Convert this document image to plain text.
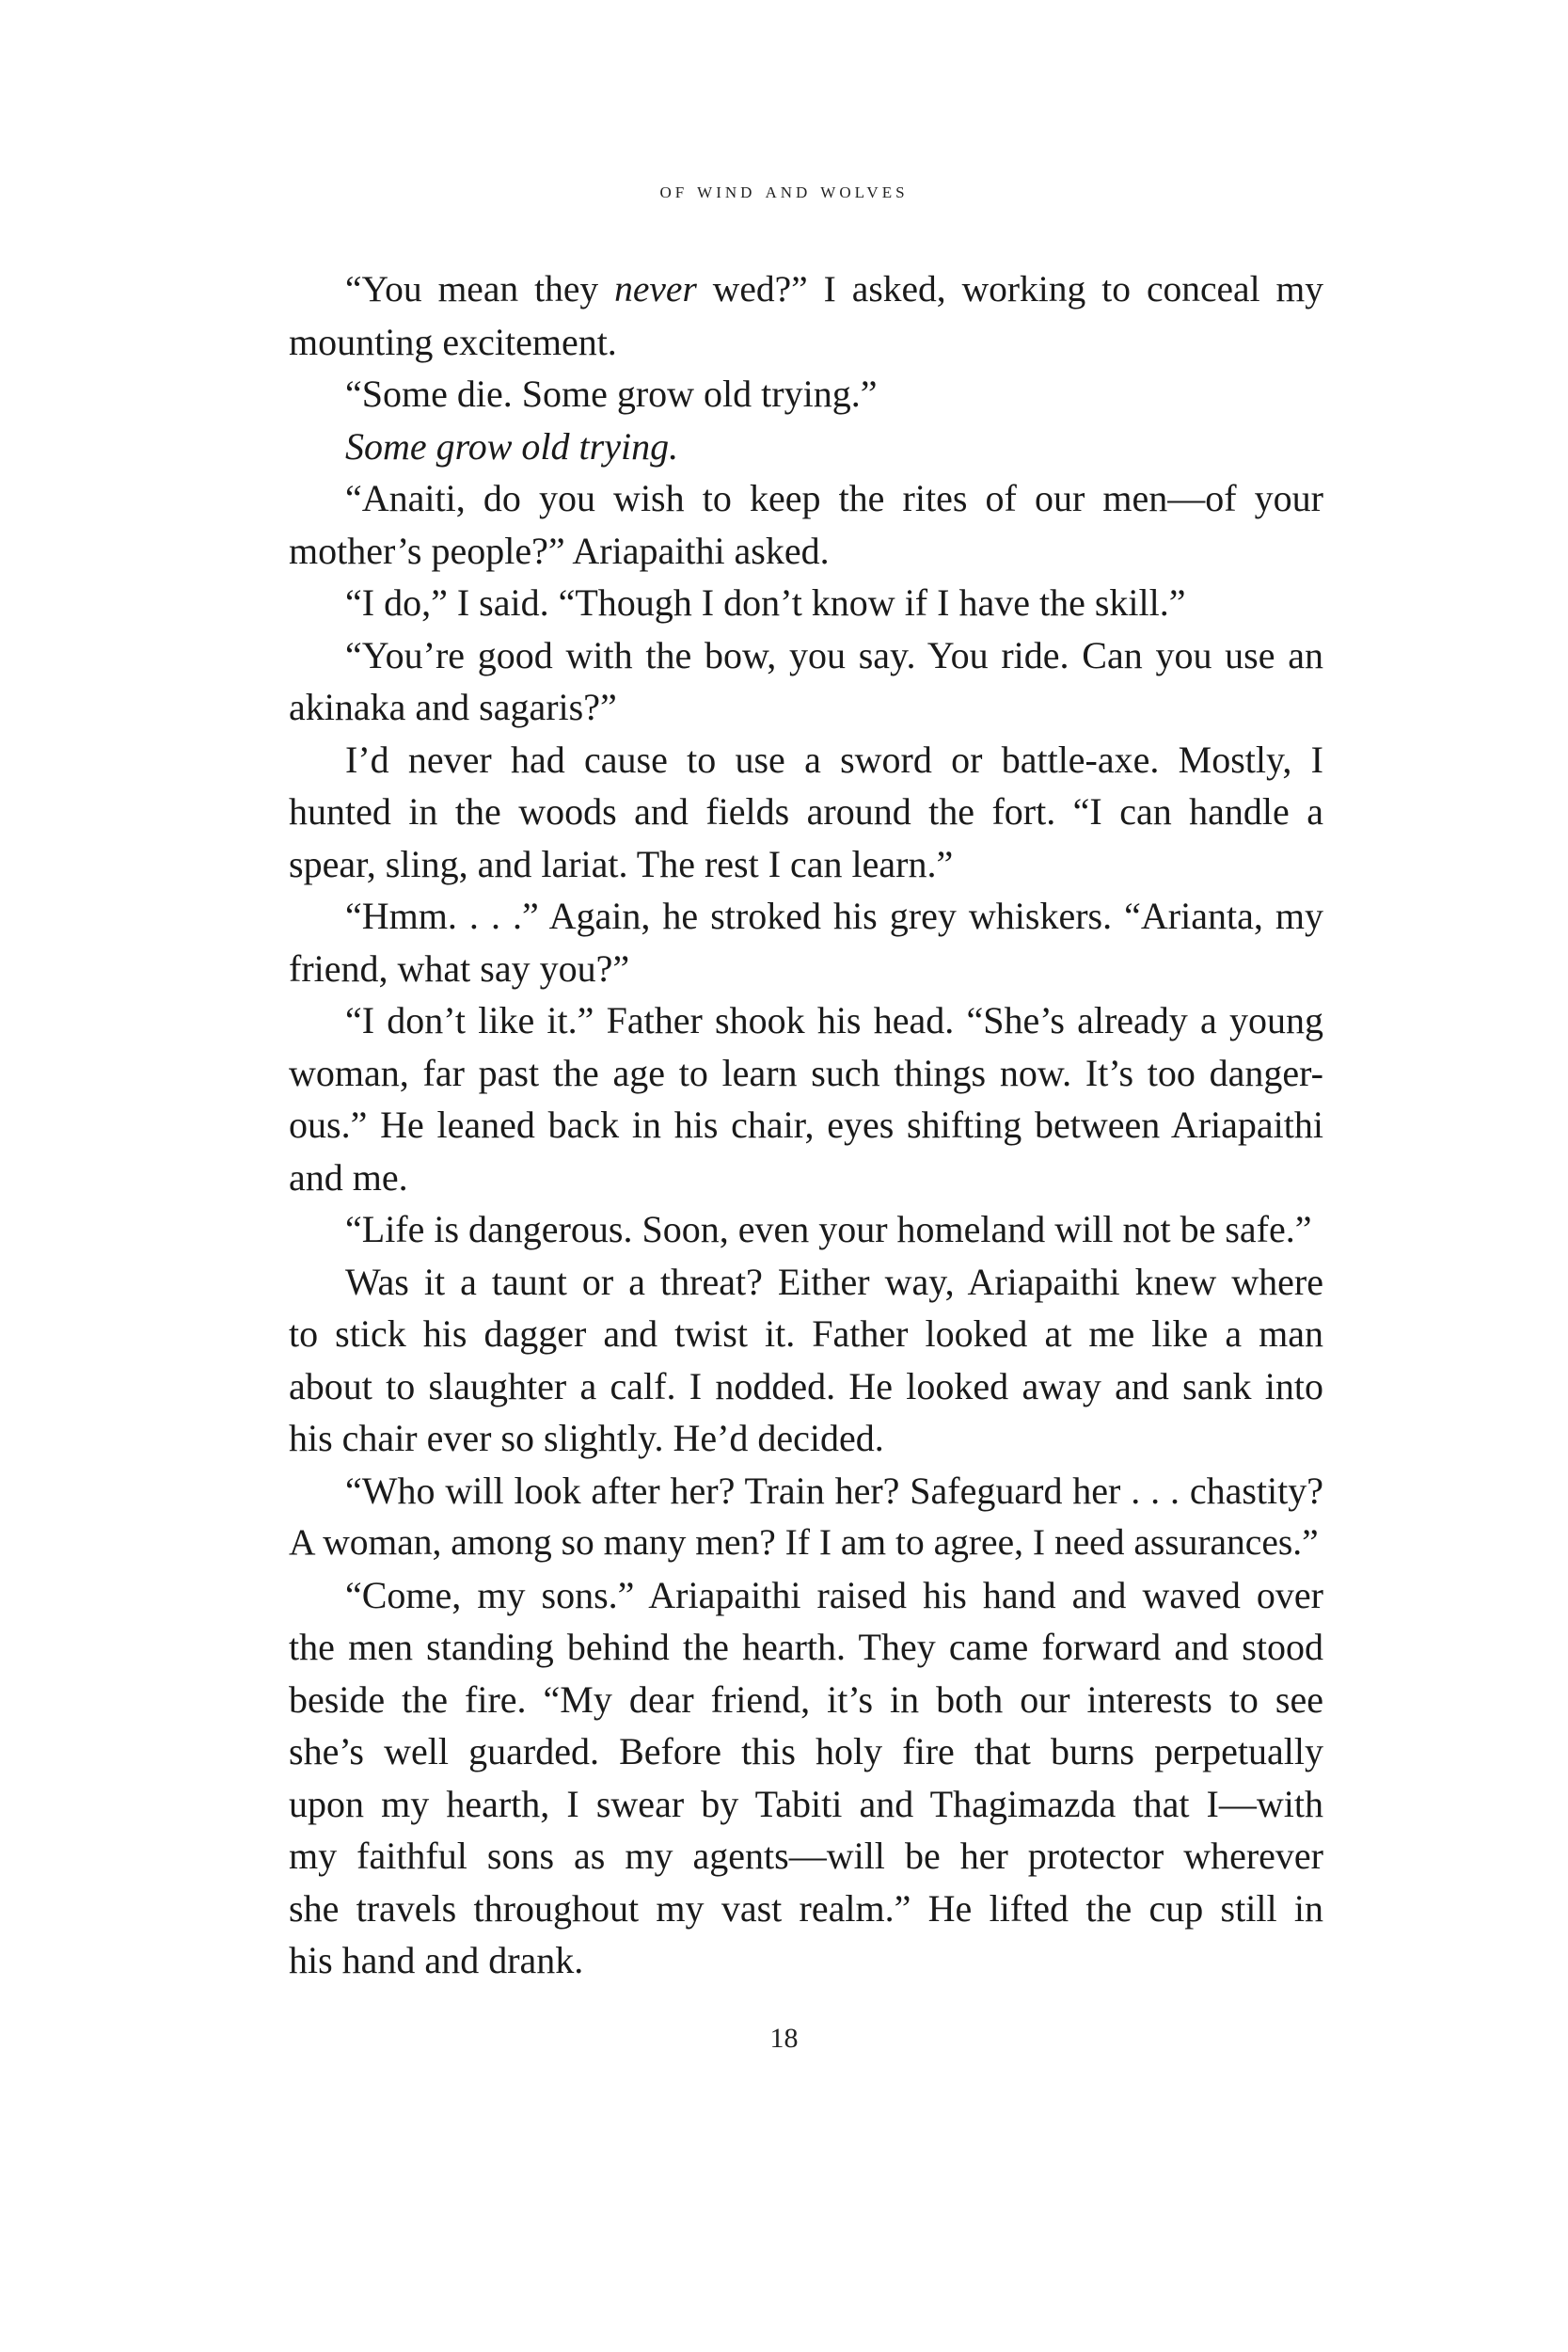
of wind and wolves
“You mean they never wed?” I asked, working to conceal my
mounting excitement.
“Some die. Some grow old trying.”
Some grow old trying.
“Anaiti, do you wish to keep the rites of our men—of your
mother’s people?” Ariapaithi asked.
“I do,” I said. “Though I don’t know if I have the skill.”
“You’re good with the bow, you say. You ride. Can you use an
akinaka and sagaris?”
I’d never had cause to use a sword or battle-axe. Mostly, I
hunted in the woods and fields around the fort. “I can handle a
spear, sling, and lariat. The rest I can learn.”
“Hmm. . . .” Again, he stroked his grey whiskers. “Arianta, my
friend, what say you?”
“I don’t like it.” Father shook his head. “She’s already a young
woman, far past the age to learn such things now. It’s too danger-
ous.” He leaned back in his chair, eyes shifting between Ariapaithi
and me.
“Life is dangerous. Soon, even your homeland will not be safe.”
Was it a taunt or a threat? Either way, Ariapaithi knew where
to stick his dagger and twist it. Father looked at me like a man
about to slaughter a calf. I nodded. He looked away and sank into
his chair ever so slightly. He’d decided.
“Who will look after her? Train her? Safeguard her . . . chastity?
A woman, among so many men? If I am to agree, I need assurances.”
“Come, my sons.” Ariapaithi raised his hand and waved over
the men standing behind the hearth. They came forward and stood
beside the fire. “My dear friend, it’s in both our interests to see
she’s well guarded. Before this holy fire that burns perpetually
upon my hearth, I swear by Tabiti and Thagimazda that I—with
my faithful sons as my agents—will be her protector wherever
she travels throughout my vast realm.” He lifted the cup still in
his hand and drank.
18
